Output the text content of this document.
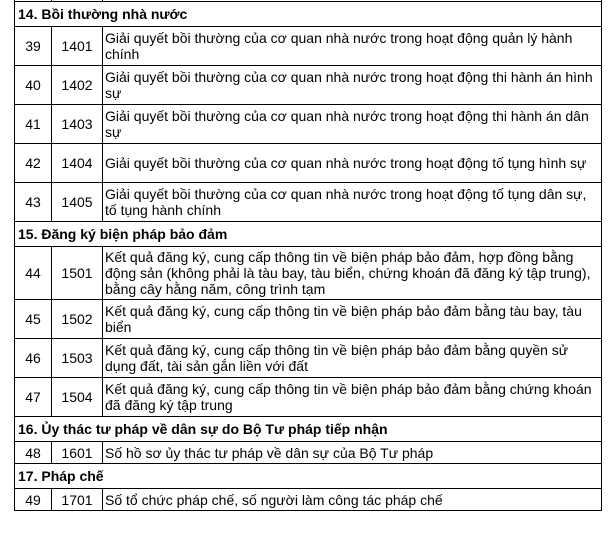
14. Bồi thường nhà nước		
39	1401	Giải quyết bồi thường của cơ quan nhà nước trong hoạt động quản lý hành chính
40	1402	Giải quyết bồi thường của cơ quan nhà nước trong hoạt động thi hành án hình sự
41	1403	Giải quyết bồi thường của cơ quan nhà nước trong hoạt động thi hành án dân sự
42	1404	Giải quyết bồi thường của cơ quan nhà nước trong hoạt động tố tụng hình sự
43	1405	Giải quyết bồi thường của cơ quan nhà nước trong hoạt động tố tụng dân sự, tố tụng hành chính
15. Đăng ký biện pháp bảo đảm		
44	1501	Kết quả đăng ký, cung cấp thông tin về biện pháp bảo đảm, hợp đồng bằng động sản (không phải là tàu bay, tàu biển, chứng khoán đã đăng ký tập trung), bằng cây hằng năm, công trình tạm
45	1502	Kết quả đăng ký, cung cấp thông tin về biện pháp bảo đảm bằng tàu bay, tàu biển
46	1503	Kết quả đăng ký, cung cấp thông tin về biện pháp bảo đảm bằng quyền sử dụng đất, tài sản gắn liền với đất
47	1504	Kết quả đăng ký, cung cấp thông tin về biện pháp bảo đảm bằng chứng khoán đã đăng ký tập trung
16. Ủy thác tư pháp về dân sự do Bộ Tư pháp tiếp nhận		
48	1601	Số hồ sơ ủy thác tư pháp về dân sự của Bộ Tư pháp
17. Pháp chế		
49	1701	Số tổ chức pháp chế, số người làm công tác pháp chế
